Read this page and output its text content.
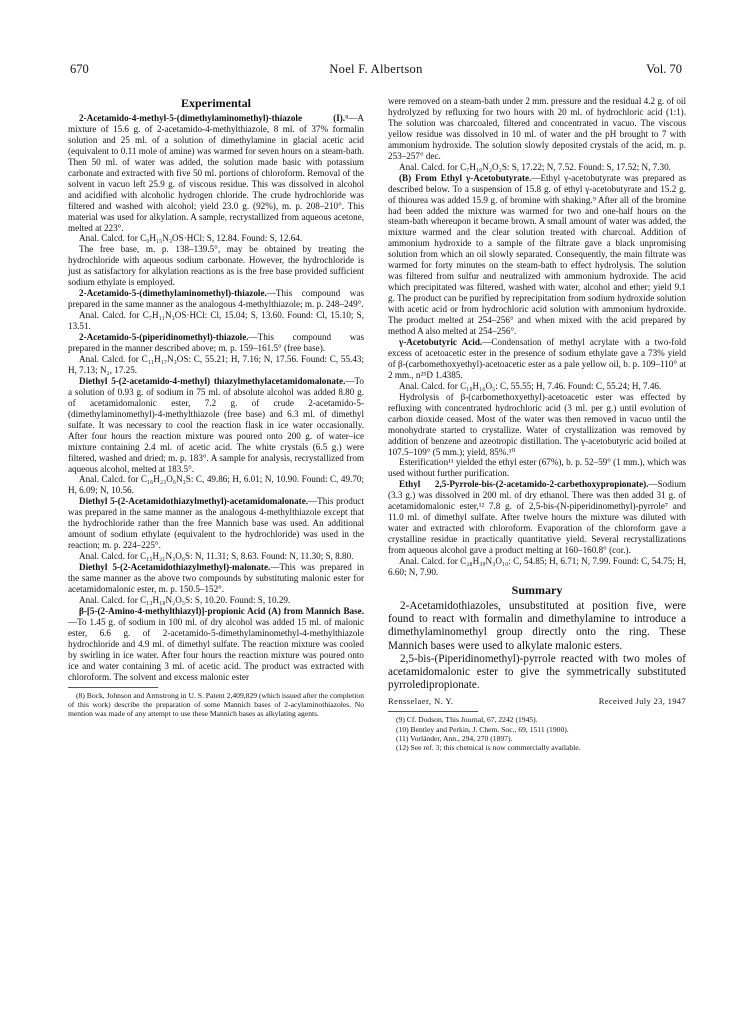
670	Noel F. Albertson	Vol. 70
Experimental

2-Acetamido-4-methyl-5-(dimethylaminomethyl)-thiazole (I).⁸—A mixture of 15.6 g. of 2-acetamido-4-methylthiazole, 8 ml. of 37% formalin solution and 25 ml. of a solution of dimethylamine in glacial acetic acid (equivalent to 0.11 mole of amine) was warmed for seven hours on a steam-bath. Then 50 ml. of water was added, the solution made basic with potassium carbonate and extracted with five 50 ml. portions of chloroform. Removal of the solvent in vacuo left 25.9 g. of viscous residue. This was dissolved in alcohol and acidified with alcoholic hydrogen chloride. The crude hydrochloride was filtered and washed with alcohol; yield 23.0 g. (92%), m. p. 208–210°. This material was used for alkylation. A sample, recrystallized from aqueous acetone, melted at 223°.

Anal. Calcd. for C₉H₁₅N₃OS·HCl: S, 12.84. Found: S, 12.64.

The free base, m. p. 138–139.5°, may be obtained by treating the hydrochloride with aqueous sodium carbonate. However, the hydrochloride is just as satisfactory for alkylation reactions as is the free base provided sufficient sodium ethylate is employed.

2-Acetamido-5-(dimethylaminomethyl)-thiazole.—This compound was prepared in the same manner as the analogous 4-methylthiazole; m. p. 248–249°.

Anal. Calcd. for C₇H₁₁N₃OS·HCl: Cl, 15.04; S, 13.60. Found: Cl, 15.10; S, 13.51.

2-Acetamido-5-(piperidinomethyl)-thiazole.—This compound was prepared in the manner described above; m. p. 159–161.5° (free base).

Anal. Calcd. for C₁₁H₁₇N₃OS: C, 55.21; H, 7.16; N, 17.56. Found: C, 55.43; H, 7.13; N₂, 17.25.

Diethyl 5-(2-acetamido-4-methyl) thiazylmethylacetamidomalonate.—To a solution of 0.93 g. of sodium in 75 ml. of absolute alcohol was added 8.80 g. of acetamidomalonic ester, 7.2 g. of crude 2-acetamido-5-(dimethylaminomethyl)-4-methylthiazole (free base) and 6.3 ml. of dimethyl sulfate. It was necessary to cool the reaction flask in ice water occasionally. After four hours the reaction mixture was poured onto 200 g. of water–ice mixture containing 2.4 ml. of acetic acid. The white crystals (6.5 g.) were filtered, washed and dried; m. p. 183°. A sample for analysis, recrystallized from aqueous alcohol, melted at 183.5°.

Anal. Calcd. for C₁₆H₂₃O₆N₃S: C, 49.86; H, 6.01; N, 10.90. Found: C, 49.70; H, 6.09; N, 10.56.

Diethyl 5-(2-Acetamidothiazylmethyl)-acetamidomalonate.—This product was prepared in the same manner as the analogous 4-methylthiazole except that the hydrochloride rather than the free Mannich base was used. An additional amount of sodium ethylate (equivalent to the hydrochloride) was used in the reaction; m. p. 224–225°.

Anal. Calcd. for C₁₅H₂₁N₃O₆S: N, 11.31; S, 8.63. Found: N, 11.30; S, 8.80.

Diethyl 5-(2-Acetamidothiazylmethyl)-malonate.—This was prepared in the same manner as the above two compounds by substituting malonic ester for acetamidomalonic ester, m. p. 150.5–152°.

Anal. Calcd. for C₁₃H₁₈N₂O₅S: S, 10.20. Found: S, 10.29.

β-[5-(2-Amino-4-methylthiazyl)]-propionic Acid (A) from Mannich Base.—To 1.45 g. of sodium in 100 ml. of dry alcohol was added 15 ml. of malonic ester, 6.6 g. of 2-acetamido-5-dimethylaminomethyl-4-methylthiazole hydrochloride and 4.9 ml. of dimethyl sulfate. The reaction mixture was cooled by swirling in ice water. After four hours the reaction mixture was poured onto ice and water containing 3 ml. of acetic acid. The product was extracted with chloroform. The solvent and excess malonic ester

(8) Bock, Johnson and Armstrong in U. S. Patent 2,409,829 (which issued after the completion of this work) describe the preparation of some Mannich bases of 2-acylaminothiazoles. No mention was made of any attempt to use these Mannich bases as alkylating agents.

were removed on a steam-bath under 2 mm. pressure and the residual 4.2 g. of oil hydrolyzed by refluxing for two hours with 20 ml. of hydrochloric acid (1:1). The solution was charcoaled, filtered and concentrated in vacuo. The viscous yellow residue was dissolved in 10 ml. of water and the pH brought to 7 with ammonium hydroxide. The solution slowly deposited crystals of the acid, m. p. 253–257° dec.

Anal. Calcd. for C₇H₁₀N₂O₂S: S, 17.22; N, 7.52. Found: S, 17.52; N, 7.30.

(B) From Ethyl γ-Acetobutyrate.—Ethyl γ-acetobutyrate was prepared as described below. To a suspension of 15.8 g. of ethyl γ-acetobutyrate and 15.2 g. of thiourea was added 15.9 g. of bromine with shaking.⁹ After all of the bromine had been added the mixture was warmed for two and one-half hours on the steam-bath whereupon it became brown. A small amount of water was added, the mixture warmed and the clear solution treated with charcoal. Addition of ammonium hydroxide to a sample of the filtrate gave a black unpromising solution from which an oil slowly separated. Consequently, the main filtrate was warmed for forty minutes on the steam-bath to effect hydrolysis. The solution was filtered from sulfur and neutralized with ammonium hydroxide. The acid which precipitated was filtered, washed with water, alcohol and ether; yield 9.1 g. The product can be purified by reprecipitation from sodium hydroxide solution with acetic acid or from hydrochloric acid solution with ammonium hydroxide. The product melted at 254–256° and when mixed with the acid prepared by method A also melted at 254–256°.

γ-Acetobutyric Acid.—Condensation of methyl acrylate with a two-fold excess of acetoacetic ester in the presence of sodium ethylate gave a 73% yield of β-(carbomethoxyethyl)-acetoacetic ester as a pale yellow oil, b. p. 109–110° at 2 mm., n²⁵D 1.4385.

Anal. Calcd. for C₁₀H₁₆O₅: C, 55.55; H, 7.46. Found: C, 55.24; H, 7.46.

Hydrolysis of β-(carbomethoxyethyl)-acetoacetic ester was effected by refluxing with concentrated hydrochloric acid (3 ml. per g.) until evolution of carbon dioxide ceased. Most of the water was then removed in vacuo until the monohydrate started to crystallize. Water of crystallization was removed by addition of benzene and azeotropic distillation. The γ-acetobutyric acid boiled at 107.5–109° (5 mm.); yield, 85%.¹⁰

Esterification¹¹ yielded the ethyl ester (67%), b. p. 52–59° (1 mm.), which was used without further purification.

Ethyl 2,5-Pyrrole-bis-(2-acetamido-2-carbethoxypropionate).—Sodium (3.3 g.) was dissolved in 200 ml. of dry ethanol. There was then added 31 g. of acetamidomalonic ester,¹² 7.8 g. of 2,5-bis-(N-piperidinomethyl)-pyrrole⁷ and 11.0 ml. of dimethyl sulfate. After twelve hours the mixture was diluted with water and extracted with chloroform. Evaporation of the chloroform gave a crystalline residue in practically quantitative yield. Several recrystallizations from aqueous alcohol gave a product melting at 160–160.8° (cor.).

Anal. Calcd. for C₂₈H₃₉N₃O₁₀: C, 54.85; H, 6.71; N, 7.99. Found: C, 54.75; H, 6.60; N, 7.90.

Summary

2-Acetamidothiazoles, unsubstituted at position five, were found to react with formalin and dimethylamine to introduce a dimethylaminomethyl group directly onto the ring. These Mannich bases were used to alkylate malonic esters.

2,5-bis-(Piperidinomethyl)-pyrrole reacted with two moles of acetamidomalonic ester to give the symmetrically substituted pyrroledipropionate.

Rensselaer, N. Y.	Received July 23, 1947

(9) Cf. Dodson, This Journal, 67, 2242 (1945).

(10) Bentley and Perkin, J. Chem. Soc., 69, 1511 (1900).

(11) Vorländer, Ann., 294, 270 (1897).

(12) See ref. 3; this chemical is now commercially available.
